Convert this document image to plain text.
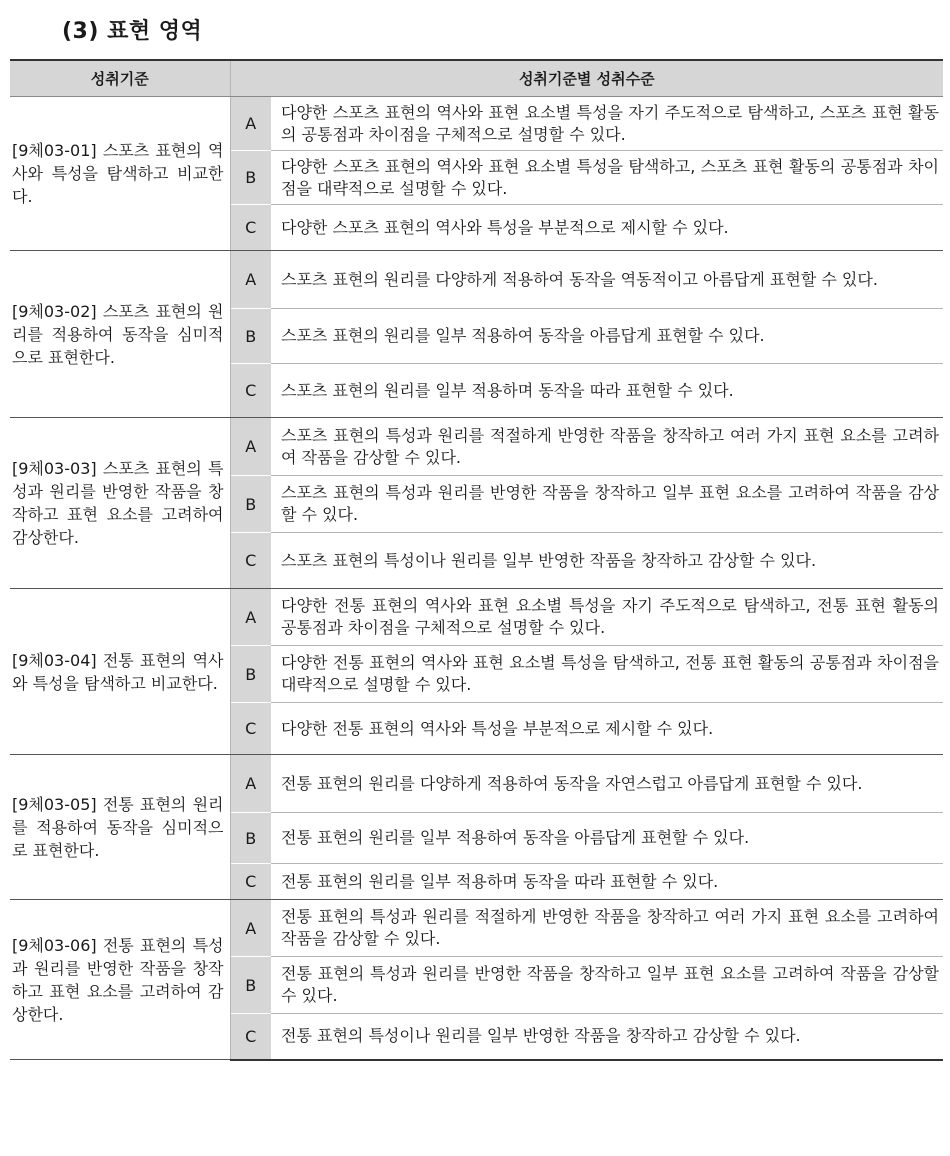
(3) 표현 영역
성취기준	성취기준별 성취수준	
[9체03-01] 스포츠 표현의 역사와 특성을 탐색하고 비교한다.	A	다양한 스포츠 표현의 역사와 표현 요소별 특성을 자기 주도적으로 탐색하고, 스포츠 표현 활동의 공통점과 차이점을 구체적으로 설명할 수 있다.
	B	다양한 스포츠 표현의 역사와 표현 요소별 특성을 탐색하고, 스포츠 표현 활동의 공통점과 차이점을 대략적으로 설명할 수 있다.
	C	다양한 스포츠 표현의 역사와 특성을 부분적으로 제시할 수 있다.
[9체03-02] 스포츠 표현의 원리를 적용하여 동작을 심미적으로 표현한다.	A	스포츠 표현의 원리를 다양하게 적용하여 동작을 역동적이고 아름답게 표현할 수 있다.
	B	스포츠 표현의 원리를 일부 적용하여 동작을 아름답게 표현할 수 있다.
	C	스포츠 표현의 원리를 일부 적용하며 동작을 따라 표현할 수 있다.
[9체03-03] 스포츠 표현의 특성과 원리를 반영한 작품을 창작하고 표현 요소를 고려하여 감상한다.	A	스포츠 표현의 특성과 원리를 적절하게 반영한 작품을 창작하고 여러 가지 표현 요소를 고려하여 작품을 감상할 수 있다.
	B	스포츠 표현의 특성과 원리를 반영한 작품을 창작하고 일부 표현 요소를 고려하여 작품을 감상할 수 있다.
	C	스포츠 표현의 특성이나 원리를 일부 반영한 작품을 창작하고 감상할 수 있다.
[9체03-04] 전통 표현의 역사와 특성을 탐색하고 비교한다.	A	다양한 전통 표현의 역사와 표현 요소별 특성을 자기 주도적으로 탐색하고, 전통 표현 활동의 공통점과 차이점을 구체적으로 설명할 수 있다.
	B	다양한 전통 표현의 역사와 표현 요소별 특성을 탐색하고, 전통 표현 활동의 공통점과 차이점을 대략적으로 설명할 수 있다.
	C	다양한 전통 표현의 역사와 특성을 부분적으로 제시할 수 있다.
[9체03-05] 전통 표현의 원리를 적용하여 동작을 심미적으로 표현한다.	A	전통 표현의 원리를 다양하게 적용하여 동작을 자연스럽고 아름답게 표현할 수 있다.
	B	전통 표현의 원리를 일부 적용하여 동작을 아름답게 표현할 수 있다.
	C	전통 표현의 원리를 일부 적용하며 동작을 따라 표현할 수 있다.
[9체03-06] 전통 표현의 특성과 원리를 반영한 작품을 창작하고 표현 요소를 고려하여 감상한다.	A	전통 표현의 특성과 원리를 적절하게 반영한 작품을 창작하고 여러 가지 표현 요소를 고려하여 작품을 감상할 수 있다.
	B	전통 표현의 특성과 원리를 반영한 작품을 창작하고 일부 표현 요소를 고려하여 작품을 감상할 수 있다.
	C	전통 표현의 특성이나 원리를 일부 반영한 작품을 창작하고 감상할 수 있다.
